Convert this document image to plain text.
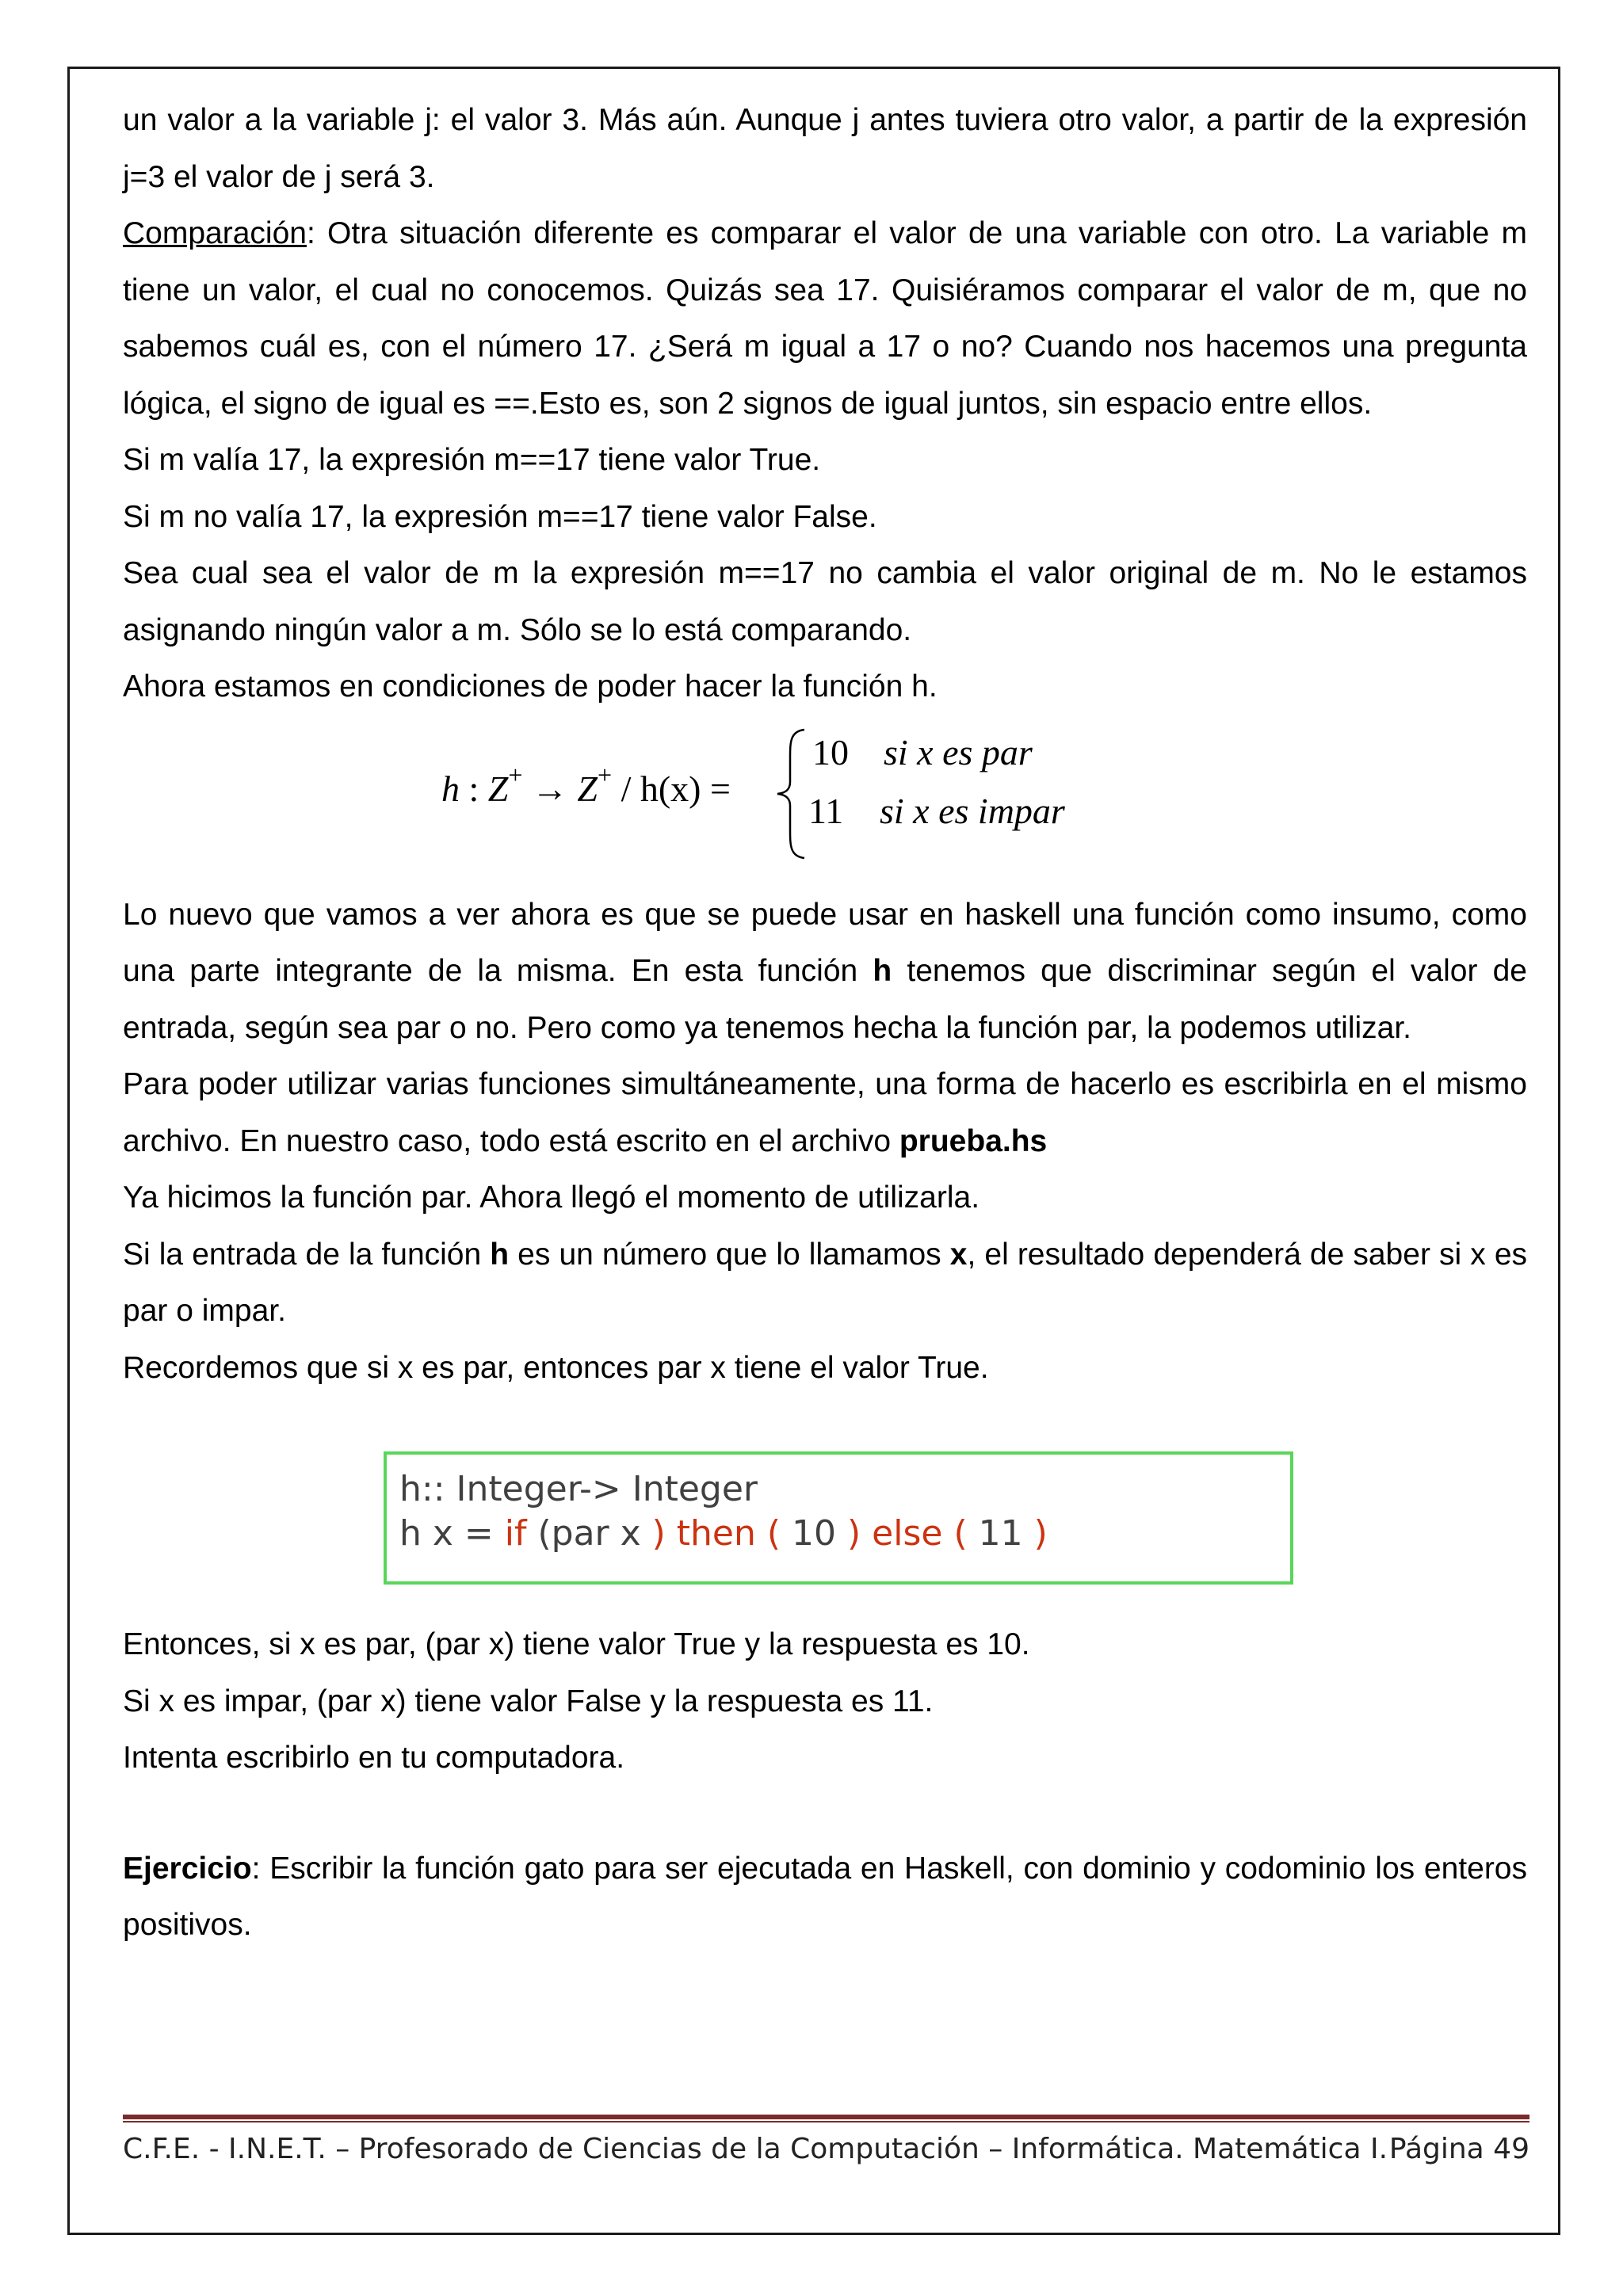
un valor a la variable j: el valor 3. Más aún. Aunque j antes tuviera otro valor, a partir de la expresión j=3 el valor de j será 3.

Comparación: Otra situación diferente es comparar el valor de una variable con otro. La variable m tiene un valor, el cual no conocemos. Quizás sea 17. Quisiéramos comparar el valor de m, que no sabemos cuál es, con el número 17. ¿Será m igual a 17 o no? Cuando nos hacemos una pregunta lógica, el signo de igual es ==.Esto es, son 2 signos de igual juntos, sin espacio entre ellos.

Si m valía 17, la expresión m==17 tiene valor True.

Si m no valía 17, la expresión m==17 tiene valor False.

Sea cual sea el valor de m la expresión m==17 no cambia el valor original de m. No le estamos asignando ningún valor a m. Sólo se lo está comparando.

Ahora estamos en condiciones de poder hacer la función h.

h : Z+ → Z+ / h(x) =
10 si x es par
11 si x es impar

Lo nuevo que vamos a ver ahora es que se puede usar en haskell una función como insumo, como una parte integrante de la misma. En esta función h tenemos que discriminar según el valor de entrada, según sea par o no. Pero como ya tenemos hecha la función par, la podemos utilizar.

Para poder utilizar varias funciones simultáneamente, una forma de hacerlo es escribirla en el mismo archivo. En nuestro caso, todo está escrito en el archivo prueba.hs

Ya hicimos la función par. Ahora llegó el momento de utilizarla.

Si la entrada de la función h es un número que lo llamamos x, el resultado dependerá de saber si x es par o impar.

Recordemos que si x es par, entonces par x tiene el valor True.

h:: Integer-> Integer
h x = if (par x ) then ( 10 ) else ( 11 )

Entonces, si x es par, (par x) tiene valor True y la respuesta es 10.

Si x es impar, (par x) tiene valor False y la respuesta es 11.

Intenta escribirlo en tu computadora.

Ejercicio: Escribir la función gato para ser ejecutada en Haskell, con dominio y codominio los enteros positivos.

C.F.E. - I.N.E.T. – Profesorado de Ciencias de la Computación – Informática. Matemática I. Página 49
